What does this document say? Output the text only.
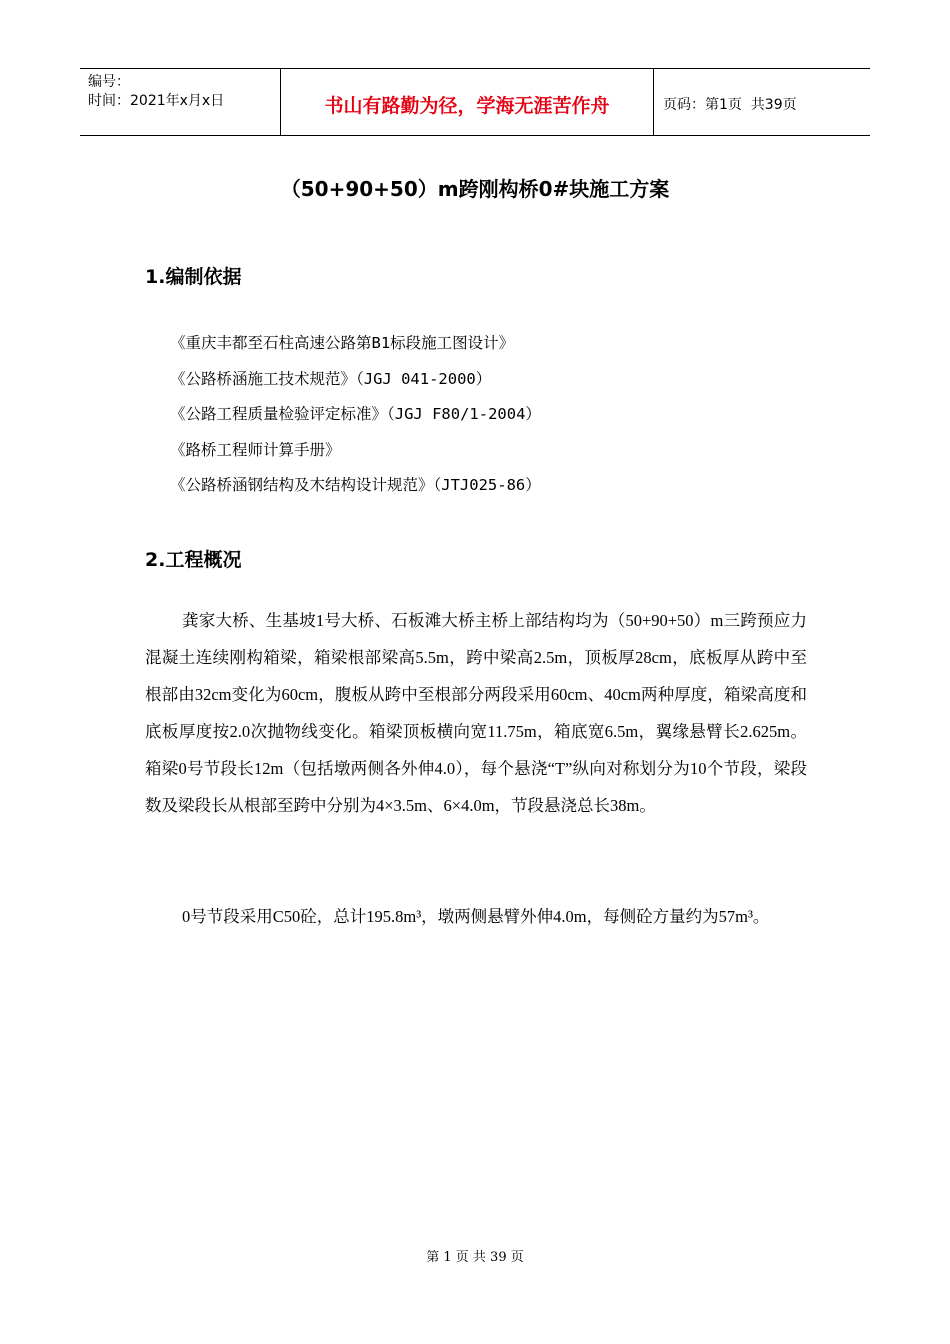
编号：
时间：2021年x月x日	书山有路勤为径，学海无涯苦作舟	页码：第1页  共39页
（50+90+50）m跨刚构桥0#块施工方案
1.编制依据
《重庆丰都至石柱高速公路第B1标段施工图设计》
《公路桥涵施工技术规范》（JGJ 041-2000）
《公路工程质量检验评定标准》（JGJ F80/1-2004）
《路桥工程师计算手册》
《公路桥涵钢结构及木结构设计规范》（JTJ025-86）
2.工程概况

龚家大桥、生基坡1号大桥、石板滩大桥主桥上部结构均为（50+90+50）m三跨预应力混凝土连续刚构箱梁，箱梁根部梁高5.5m，跨中梁高2.5m，顶板厚28cm，底板厚从跨中至根部由32cm变化为60cm，腹板从跨中至根部分两段采用60cm、40cm两种厚度，箱梁高度和底板厚度按2.0次抛物线变化。箱梁顶板横向宽11.75m，箱底宽6.5m，翼缘悬臂长2.625m。箱梁0号节段长12m（包括墩两侧各外伸4.0），每个悬浇“T”纵向对称划分为10个节段，梁段数及梁段长从根部至跨中分别为4×3.5m、6×4.0m，节段悬浇总长38m。

0号节段采用C50砼，总计195.8m³，墩两侧悬臂外伸4.0m，每侧砼方量约为57m³。

第 1 页 共 39 页
